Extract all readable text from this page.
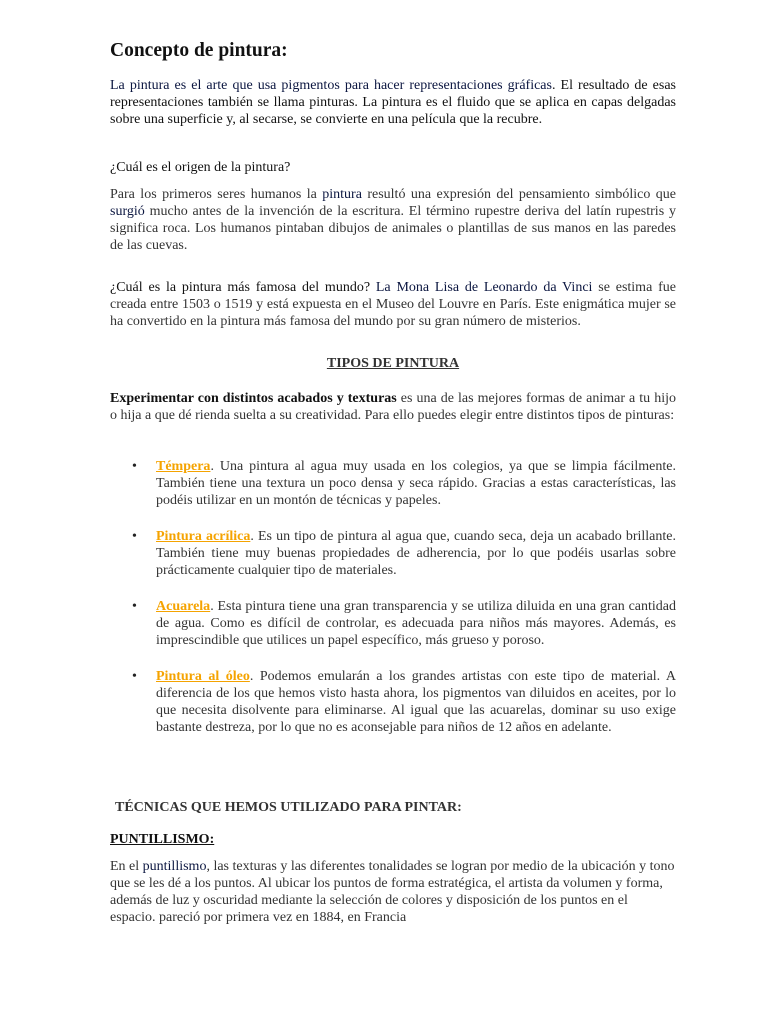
Concepto de pintura:

La pintura es el arte que usa pigmentos para hacer representaciones gráficas. El resultado de esas representaciones también se llama pinturas. La pintura es el fluido que se aplica en capas delgadas sobre una superficie y, al secarse, se convierte en una película que la recubre.

¿Cuál es el origen de la pintura?

Para los primeros seres humanos la pintura resultó una expresión del pensamiento simbólico que surgió mucho antes de la invención de la escritura. El término rupestre deriva del latín rupestris y significa roca. Los humanos pintaban dibujos de animales o plantillas de sus manos en las paredes de las cuevas.

¿Cuál es la pintura más famosa del mundo? La Mona Lisa de Leonardo da Vinci se estima fue creada entre 1503 o 1519 y está expuesta en el Museo del Louvre en París. Este enigmática mujer se ha convertido en la pintura más famosa del mundo por su gran número de misterios.

TIPOS DE PINTURA

Experimentar con distintos acabados y texturas es una de las mejores formas de animar a tu hijo o hija a que dé rienda suelta a su creatividad. Para ello puedes elegir entre distintos tipos de pinturas:

• Témpera. Una pintura al agua muy usada en los colegios, ya que se limpia fácilmente. También tiene una textura un poco densa y seca rápido. Gracias a estas características, las podéis utilizar en un montón de técnicas y papeles.
• Pintura acrílica. Es un tipo de pintura al agua que, cuando seca, deja un acabado brillante. También tiene muy buenas propiedades de adherencia, por lo que podéis usarlas sobre prácticamente cualquier tipo de materiales.
• Acuarela. Esta pintura tiene una gran transparencia y se utiliza diluida en una gran cantidad de agua. Como es difícil de controlar, es adecuada para niños más mayores. Además, es imprescindible que utilices un papel específico, más grueso y poroso.
• Pintura al óleo. Podemos emularán a los grandes artistas con este tipo de material. A diferencia de los que hemos visto hasta ahora, los pigmentos van diluidos en aceites, por lo que necesita disolvente para eliminarse. Al igual que las acuarelas, dominar su uso exige bastante destreza, por lo que no es aconsejable para niños de 12 años en adelante.

TÉCNICAS QUE HEMOS UTILIZADO PARA PINTAR:

PUNTILLISMO:

En el puntillismo, las texturas y las diferentes tonalidades se logran por medio de la ubicación y tono que se les dé a los puntos. Al ubicar los puntos de forma estratégica, el artista da volumen y forma, además de luz y oscuridad mediante la selección de colores y disposición de los puntos en el espacio. pareció por primera vez en 1884, en Francia
